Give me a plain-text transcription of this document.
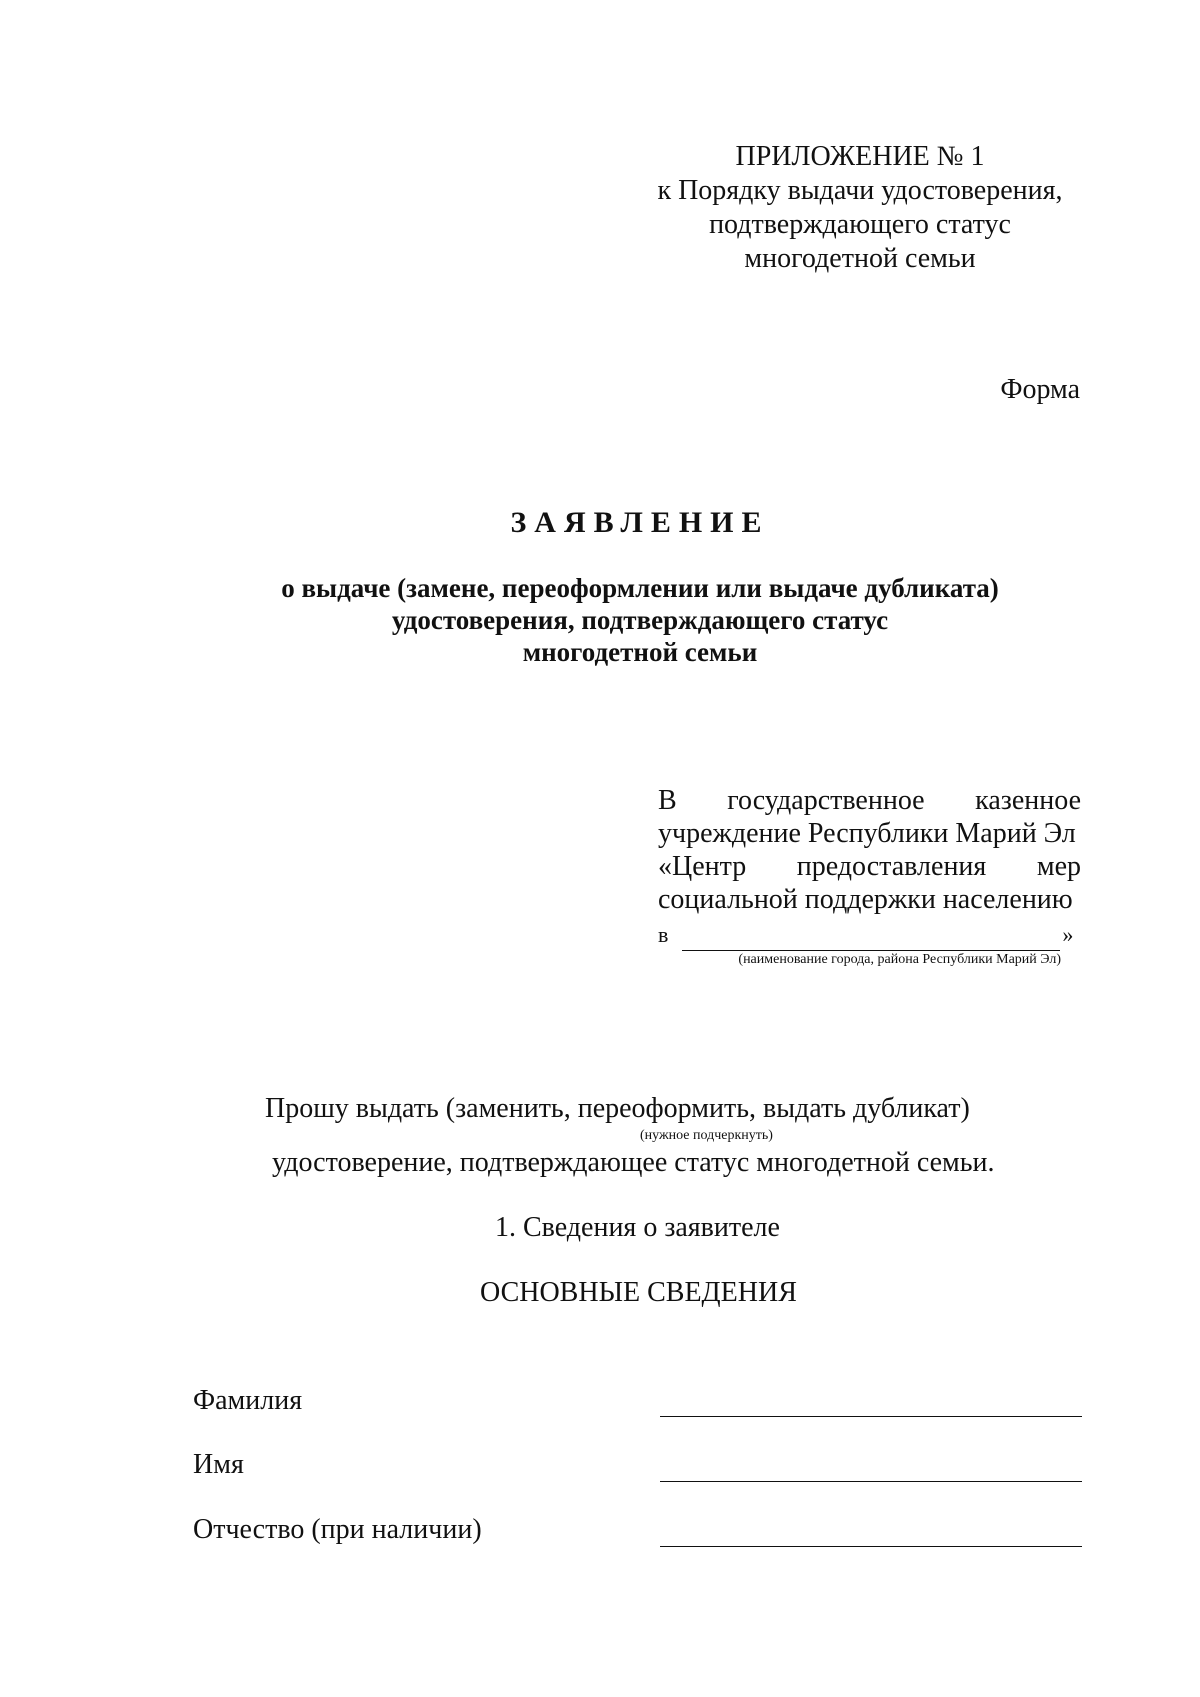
ПРИЛОЖЕНИЕ № 1
к Порядку выдачи удостоверения,
подтверждающего статус
многодетной семьи
Форма
ЗАЯВЛЕНИЕ
о выдаче (замене, переоформлении или выдаче дубликата)
удостоверения, подтверждающего статус
многодетной семьи
В государственное казенное
учреждение Республики Марий Эл
«Центр предоставления мер
социальной поддержки населению
в	»
(наименование города, района Республики Марий Эл)
Прошу выдать (заменить, переоформить, выдать дубликат)
(нужное подчеркнуть)
удостоверение, подтверждающее статус многодетной семьи.
1. Сведения о заявителе
ОСНОВНЫЕ СВЕДЕНИЯ
Фамилия
Имя
Отчество (при наличии)
